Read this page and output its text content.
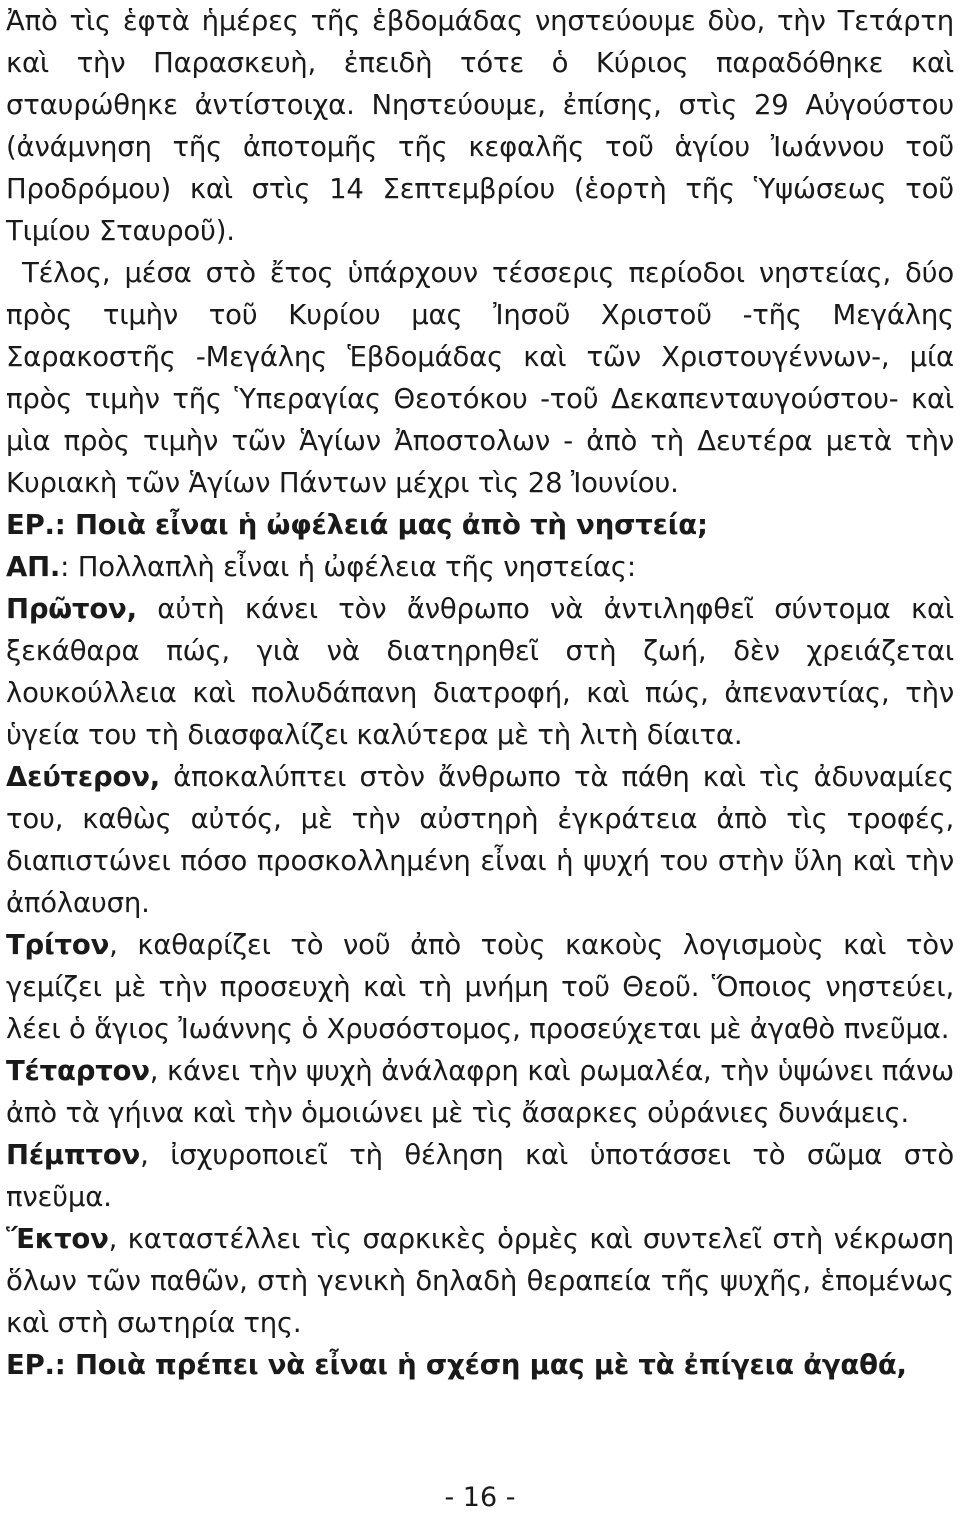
Ἀπὸ τὶς ἑφτὰ ἡμέρες τῆς ἑβδομάδας νηστεύουμε δὺο, τὴν Τετάρτη καὶ τὴν Παρασκευὴ, ἐπειδὴ τότε ὁ Κύριος παραδόθηκε καὶ σταυρώθηκε ἀντίστοιχα. Νηστεύουμε, ἐπίσης, στὶς 29 Αὐγούστου (ἀνάμνηση τῆς ἀποτομῆς τῆς κεφαλῆς τοῦ ἁγίου Ἰωάννου τοῦ Προδρόμου) καὶ στὶς 14 Σεπτεμβρίου (ἑορτὴ τῆς Ὑψώσεως τοῦ Τιμίου Σταυροῦ).

Τέλος, μέσα στὸ ἔτος ὑπάρχουν τέσσερις περίοδοι νηστείας, δύο πρὸς τιμὴν τοῦ Κυρίου μας Ἰησοῦ Χριστοῦ -τῆς Μεγάλης Σαρακοστῆς -Μεγάλης Ἑβδομάδας καὶ τῶν Χριστουγέννων-, μία πρὸς τιμὴν τῆς Ὑπεραγίας Θεοτόκου -τοῦ Δεκαπενταυγούστου- καὶ μὶα πρὸς τιμὴν τῶν Ἁγίων Ἀποστολων - ἀπὸ τὴ Δευτέρα μετὰ τὴν Κυριακὴ τῶν Ἁγίων Πάντων μέχρι τὶς 28 Ἰουνίου.

ΕΡ.: Ποιὰ εἶναι ἡ ὠφέλειά μας ἀπὸ τὴ νηστεία;

ΑΠ.: Πολλαπλὴ εἶναι ἡ ὠφέλεια τῆς νηστείας:

Πρῶτον, αὐτὴ κάνει τὸν ἄνθρωπο νὰ ἀντιληφθεῖ σύντομα καὶ ξεκάθαρα πώς, γιὰ νὰ διατηρηθεῖ στὴ ζωή, δὲν χρειάζεται λουκούλλεια καὶ πολυδάπανη διατροφή, καὶ πώς, ἀπεναντίας, τὴν ὑγεία του τὴ διασφαλίζει καλύτερα μὲ τὴ λιτὴ δίαιτα.

Δεύτερον, ἀποκαλύπτει στὸν ἄνθρωπο τὰ πάθη καὶ τὶς ἀδυναμίες του, καθὼς αὐτός, μὲ τὴν αὐστηρὴ ἐγκράτεια ἀπὸ τὶς τροφές, διαπιστώνει πόσο προσκολλημένη εἶναι ἡ ψυχή του στὴν ὕλη καὶ τὴν ἀπόλαυση.

Τρίτον, καθαρίζει τὸ νοῦ ἀπὸ τοὺς κακοὺς λογισμοὺς καὶ τὸν γεμίζει μὲ τὴν προσευχὴ καὶ τὴ μνήμη τοῦ Θεοῦ. Ὅποιος νηστεύει, λέει ὁ ἅγιος Ἰωάννης ὁ Χρυσόστομος, προσεύχεται μὲ ἀγαθὸ πνεῦμα.

Τέταρτον, κάνει τὴν ψυχὴ ἀνάλαφρη καὶ ρωμαλέα, τὴν ὑψώνει πάνω ἀπὸ τὰ γήινα καὶ τὴν ὁμοιώνει μὲ τὶς ἄσαρκες οὐράνιες δυνάμεις.

Πέμπτον, ἰσχυροποιεῖ τὴ θέληση καὶ ὑποτάσσει τὸ σῶμα στὸ πνεῦμα.

Ἕκτον, καταστέλλει τὶς σαρκικὲς ὁρμὲς καὶ συντελεῖ στὴ νέκρωση ὅλων τῶν παθῶν, στὴ γενικὴ δηλαδὴ θεραπεία τῆς ψυχῆς, ἑπομένως καὶ στὴ σωτηρία της.

ΕΡ.: Ποιὰ πρέπει νὰ εἶναι ἡ σχέση μας μὲ τὰ ἐπίγεια ἀγαθά,

- 16 -
